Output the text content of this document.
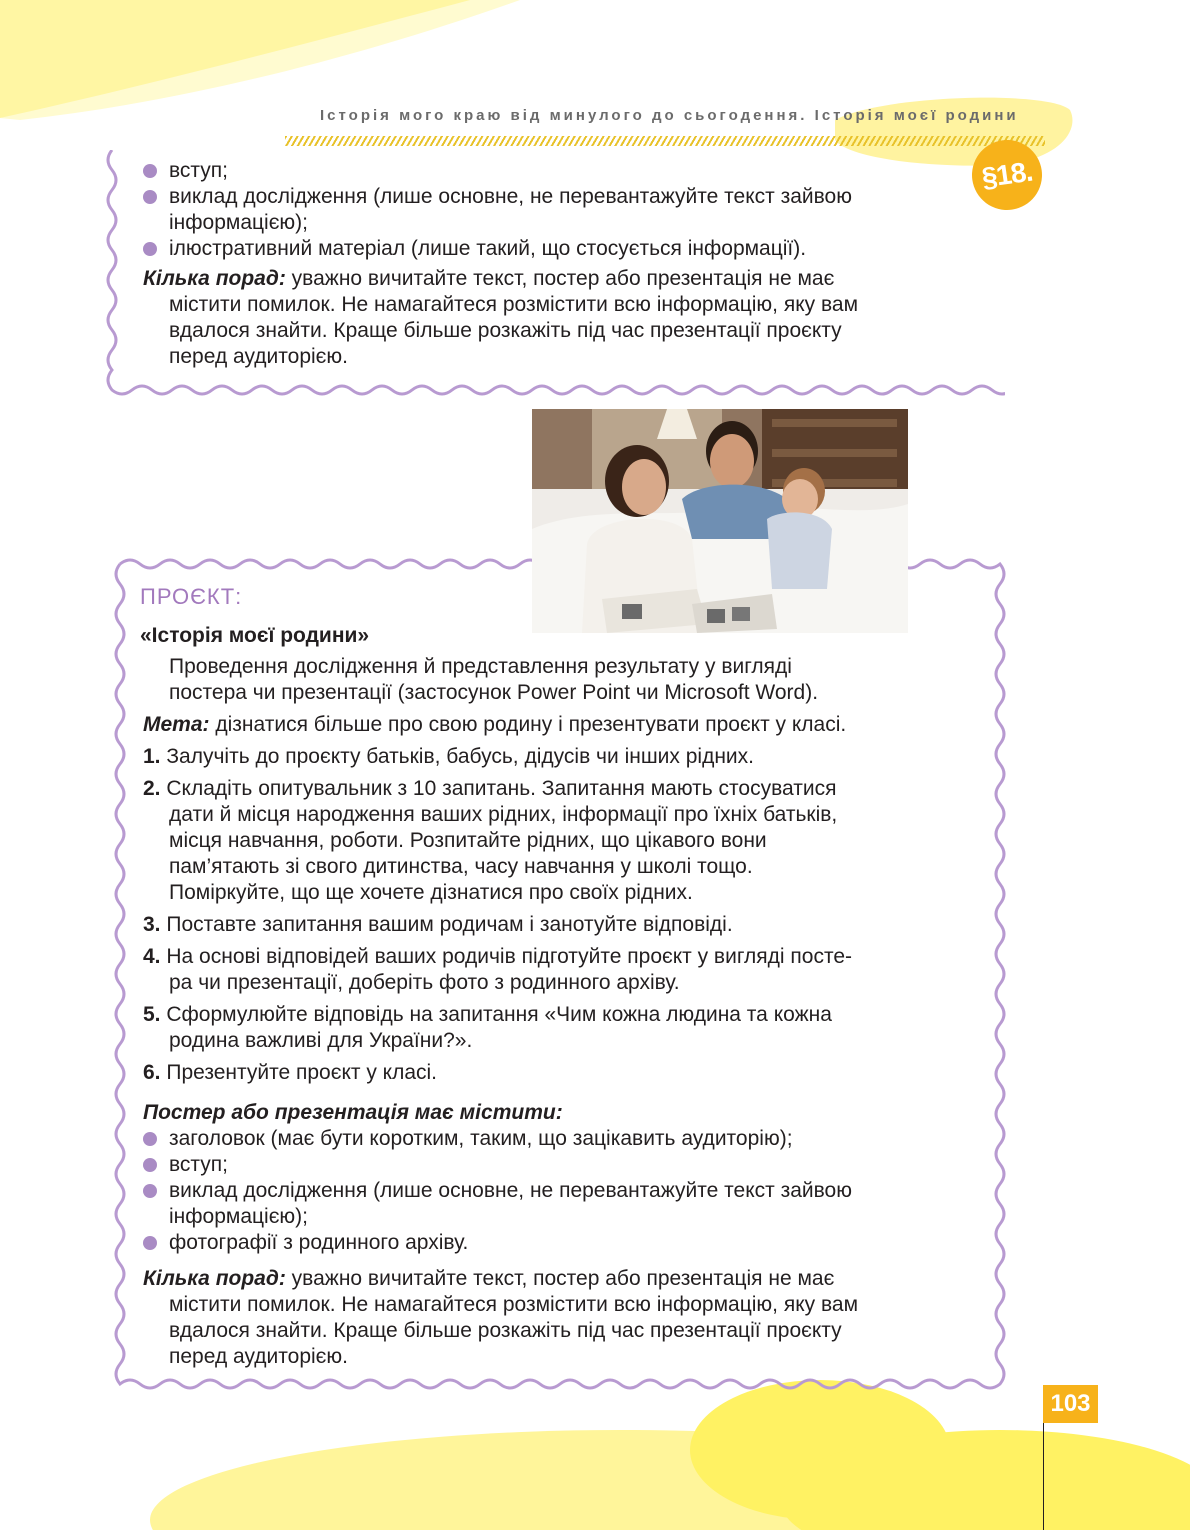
Історія мого краю від минулого до сьогодення. Історія моєї родини
§18.
вступ;
виклад дослідження (лише основне, не перевантажуйте текст зайвою
інформацією);
ілюстративний матеріал (лише такий, що стосується інформації).
Кілька порад: уважно вичитайте текст, постер або презентація не має
містити помилок. Не намагайтеся розмістити всю інформацію, яку вам
вдалося знайти. Краще більше розкажіть під час презентації проєкту
перед аудиторією.
ПРОЄКТ:
«Історія моєї родини»
Проведення дослідження й представлення результату у вигляді
постера чи презентації (застосунок Power Point чи Microsoft Word).
Мета: дізнатися більше про свою родину і презентувати проєкт у класі.
1. Залучіть до проєкту батьків, бабусь, дідусів чи інших рідних.
2. Складіть опитувальник з 10 запитань. Запитання мають стосуватися
дати й місця народження ваших рідних, інформації про їхніх батьків,
місця навчання, роботи. Розпитайте рідних, що цікавого вони
пам’ятають зі свого дитинства, часу навчання у школі тощо.
Поміркуйте, що ще хочете дізнатися про своїх рідних.
3. Поставте запитання вашим родичам і занотуйте відповіді.
4. На основі відповідей ваших родичів підготуйте проєкт у вигляді посте-
ра чи презентації, доберіть фото з родинного архіву.
5. Сформулюйте відповідь на запитання «Чим кожна людина та кожна
родина важливі для України?».
6. Презентуйте проєкт у класі.
Постер або презентація має містити:
заголовок (має бути коротким, таким, що зацікавить аудиторію);
вступ;
виклад дослідження (лише основне, не перевантажуйте текст зайвою
інформацією);
фотографії з родинного архіву.
Кілька порад: уважно вичитайте текст, постер або презентація не має
містити помилок. Не намагайтеся розмістити всю інформацію, яку вам
вдалося знайти. Краще більше розкажіть під час презентації проєкту
перед аудиторією.
103
